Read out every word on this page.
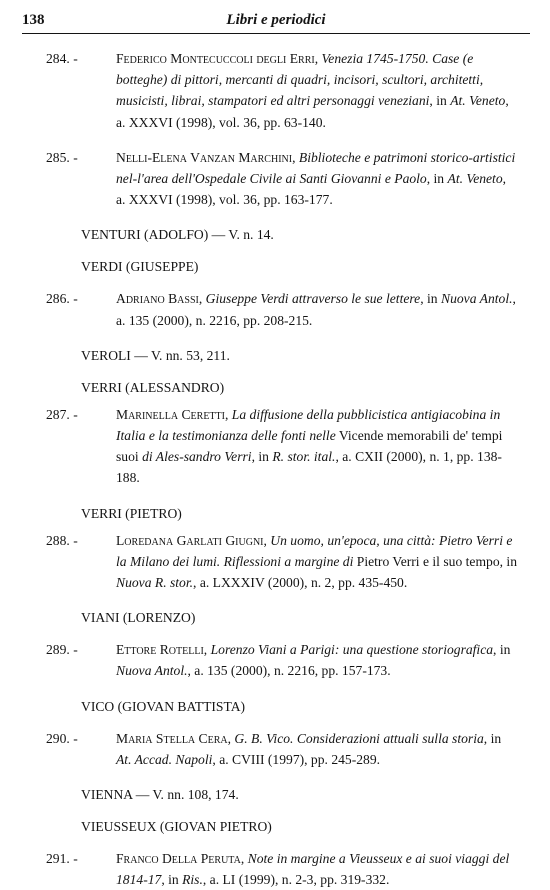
138	Libri e periodici
284. -	Federico Montecuccoli degli Erri, Venezia 1745-1750. Case (e botteghe) di pittori, mercanti di quadri, incisori, scultori, architetti, musicisti, librai, stampatori ed altri personaggi veneziani, in At. Veneto, a. XXXVI (1998), vol. 36, pp. 63-140.
285. -	Nelli-Elena Vanzan Marchini, Biblioteche e patrimoni storico-artistici nel-l'area dell'Ospedale Civile ai Santi Giovanni e Paolo, in At. Veneto, a. XXXVI (1998), vol. 36, pp. 163-177.
VENTURI (ADOLFO) — V. n. 14.
VERDI (GIUSEPPE)
286. -	Adriano Bassi, Giuseppe Verdi attraverso le sue lettere, in Nuova Antol., a. 135 (2000), n. 2216, pp. 208-215.
VEROLI — V. nn. 53, 211.
VERRI (ALESSANDRO)
287. -	Marinella Ceretti, La diffusione della pubblicistica antigiacobina in Italia e la testimonianza delle fonti nelle Vicende memorabili de' tempi suoi di Ales-sandro Verri, in R. stor. ital., a. CXII (2000), n. 1, pp. 138-188.
VERRI (PIETRO)
288. -	Loredana Garlati Giugni, Un uomo, un'epoca, una città: Pietro Verri e la Milano dei lumi. Riflessioni a margine di Pietro Verri e il suo tempo, in Nuova R. stor., a. LXXXIV (2000), n. 2, pp. 435-450.
VIANI (LORENZO)
289. -	Ettore Rotelli, Lorenzo Viani a Parigi: una questione storiografica, in Nuova Antol., a. 135 (2000), n. 2216, pp. 157-173.
VICO (GIOVAN BATTISTA)
290. -	Maria Stella Cera, G. B. Vico. Considerazioni attuali sulla storia, in At. Accad. Napoli, a. CVIII (1997), pp. 245-289.
VIENNA — V. nn. 108, 174.
VIEUSSEUX (GIOVAN PIETRO)
291. -	Franco Della Peruta, Note in margine a Vieusseux e ai suoi viaggi del 1814-17, in Ris., a. LI (1999), n. 2-3, pp. 319-332.
